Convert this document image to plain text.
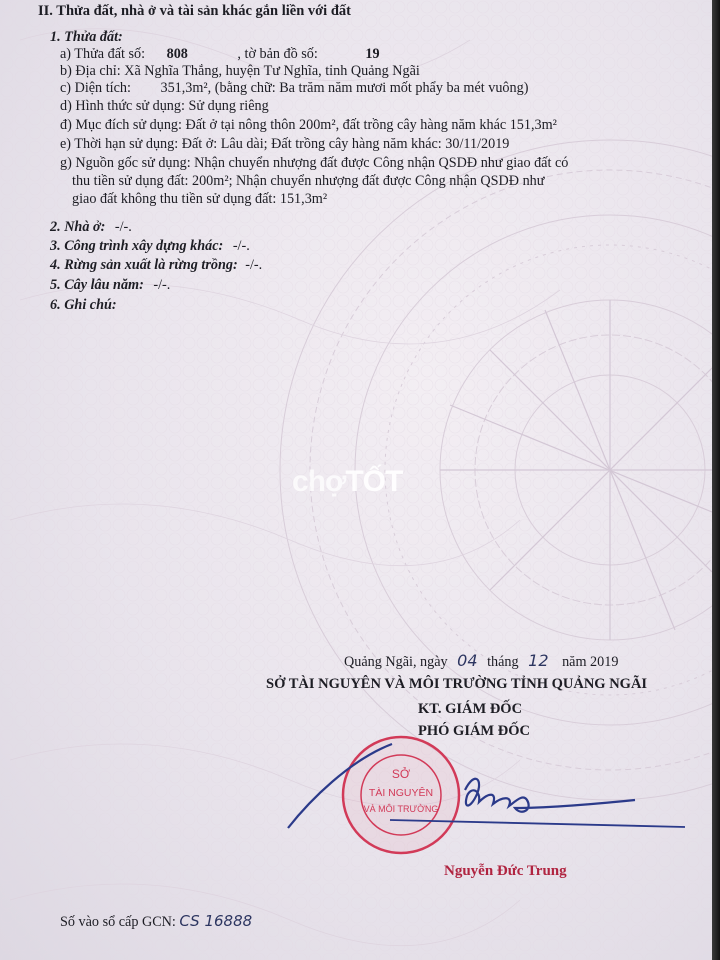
II. Thửa đất, nhà ở và tài sản khác gắn liền với đất
1. Thửa đất:
a) Thửa đất số: 808	, tờ bản đồ số:	19
b) Địa chỉ: Xã Nghĩa Thắng, huyện Tư Nghĩa, tỉnh Quảng Ngãi
c) Diện tích: 351,3m², (bằng chữ: Ba trăm năm mươi mốt phẩy ba mét vuông)
d) Hình thức sử dụng: Sử dụng riêng
đ) Mục đích sử dụng: Đất ở tại nông thôn 200m², đất trồng cây hàng năm khác 151,3m²
e) Thời hạn sử dụng: Đất ở: Lâu dài; Đất trồng cây hàng năm khác: 30/11/2019
g) Nguồn gốc sử dụng: Nhận chuyển nhượng đất được Công nhận QSDĐ như giao đất có
thu tiền sử dụng đất: 200m²; Nhận chuyển nhượng đất được Công nhận QSDĐ như
giao đất không thu tiền sử dụng đất: 151,3m²
2. Nhà ở: -/-.
3. Công trình xây dựng khác: -/-.
4. Rừng sản xuất là rừng trồng: -/-.
5. Cây lâu năm: -/-.
6. Ghi chú:
chợTỐT
Quảng Ngãi, ngày 04 tháng 12 năm 2019
SỞ TÀI NGUYÊN VÀ MÔI TRƯỜNG TỈNH QUẢNG NGÃI
KT. GIÁM ĐỐC
PHÓ GIÁM ĐỐC
SỞ
TÀI NGUYÊN
VÀ MÔI TRƯỜNG
Nguyễn Đức Trung
Số vào sổ cấp GCN: CS 16888
